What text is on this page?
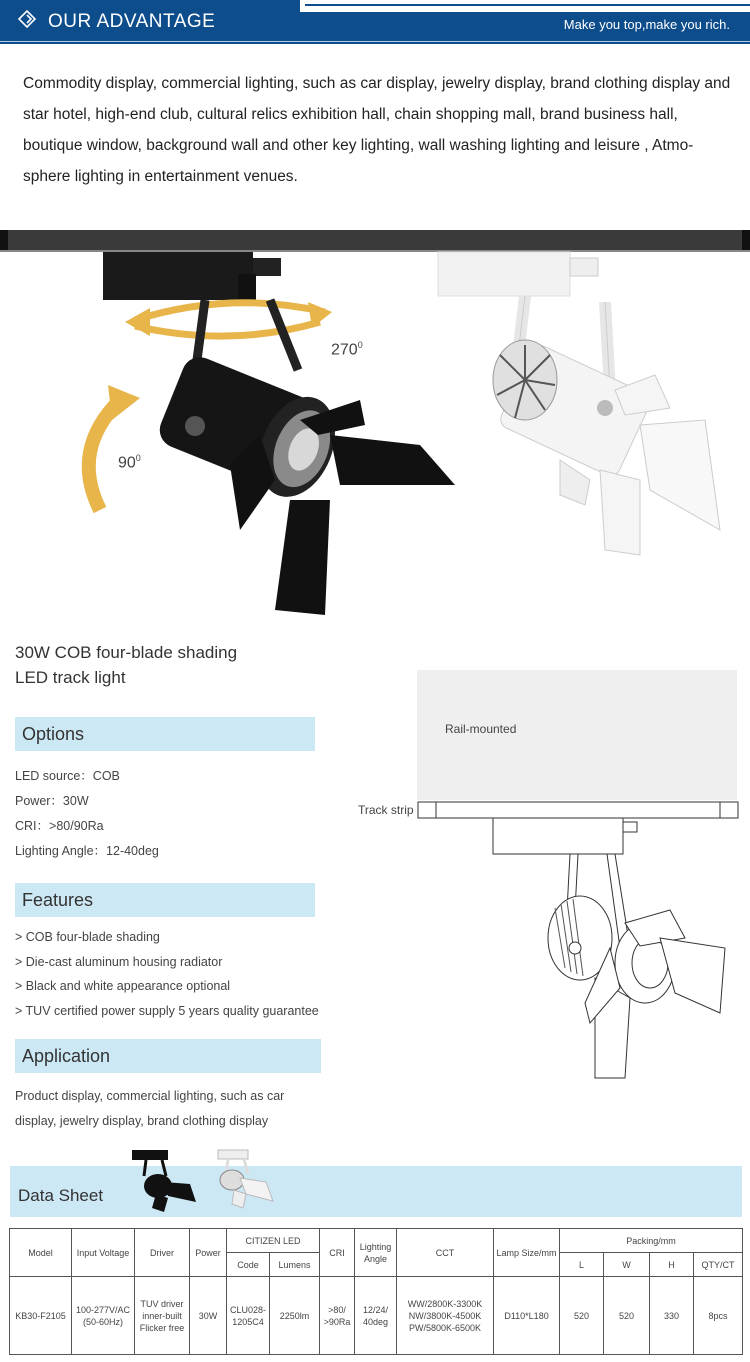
OUR ADVANTAGE	Make you top,make you rich.
Commodity display, commercial lighting, such as car display, jewelry display, brand clothing display and star hotel, high-end club, cultural relics exhibition hall, chain shopping mall, brand business hall, boutique window, background wall and other key lighting, wall washing lighting and leisure , Atmo-sphere lighting in entertainment venues.
$270^0$
$90^0$
30W COB four-blade shading
LED track light
Options
LED source：COB
Power：30W
CRI：>80/90Ra
Lighting Angle：12-40deg
Features
> COB four-blade shading
> Die-cast aluminum housing radiator
> Black and white appearance optional
> TUV certified power supply 5 years quality guarantee
Application
Product display, commercial lighting, such as car display, jewelry display, brand clothing display
Rail-mounted
Track strip
Data Sheet
Model	Input Voltage	Driver	Power	CITIZEN LED		CRI	Lighting Angle	CCT	Lamp Size/mm	Packing/mm			
				Code	Lumens					L	W	H	QTY/CT
KB30-F2105	100-277V/AC (50-60Hz)	TUV driver inner-built Flicker free	30W	CLU028-1205C4	2250lm	>80/ >90Ra	12/24/ 40deg	WW/2800K-3300K NW/3800K-4500K PW/5800K-6500K	D110*L180	520	520	330	8pcs
